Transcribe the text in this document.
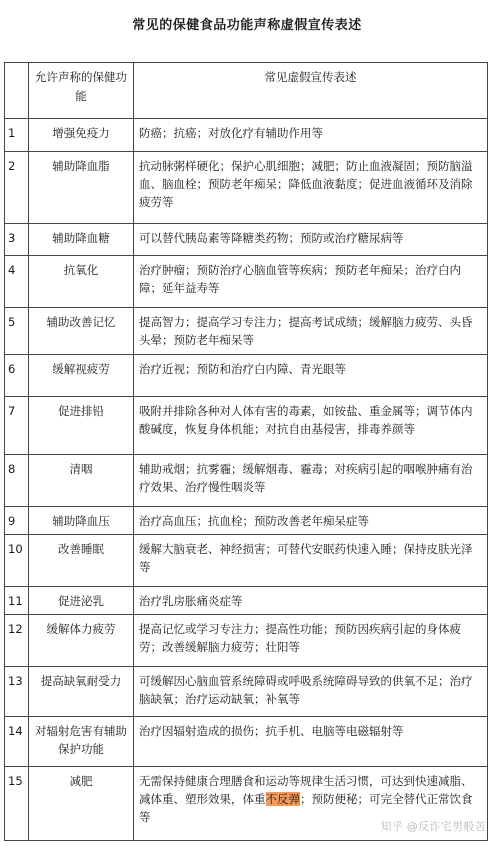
常见的保健食品功能声称虚假宣传表述
	允许声称的保健功能	常见虚假宣传表述
1	增强免疫力	防癌；抗癌；对放化疗有辅助作用等
2	辅助降血脂	抗动脉粥样硬化；保护心肌细胞；减肥；防止血液凝固；预防脑溢血、脑血栓；预防老年痴呆；降低血液黏度；促进血液循环及消除疲劳等
3	辅助降血糖	可以替代胰岛素等降糖类药物；预防或治疗糖尿病等
4	抗氧化	治疗肿瘤；预防治疗心脑血管等疾病；预防老年痴呆；治疗白内障；延年益寿等
5	辅助改善记忆	提高智力；提高学习专注力；提高考试成绩；缓解脑力疲劳、头昏头晕；预防老年痴呆等
6	缓解视疲劳	治疗近视；预防和治疗白内障、青光眼等
7	促进排铅	吸附并排除各种对人体有害的毒素，如铵盐、重金属等；调节体内酸碱度，恢复身体机能；对抗自由基侵害，排毒养颜等
8	清咽	辅助戒烟；抗雾霾；缓解烟毒、霾毒；对疾病引起的咽喉肿痛有治疗效果、治疗慢性咽炎等
9	辅助降血压	治疗高血压；抗血栓；预防改善老年痴呆症等
10	改善睡眠	缓解大脑衰老、神经损害；可替代安眠药快速入睡；保持皮肤光泽等
11	促进泌乳	治疗乳房胀痛炎症等
12	缓解体力疲劳	提高记忆或学习专注力；提高性功能；预防因疾病引起的身体疲劳；改善缓解脑力疲劳；壮阳等
13	提高缺氧耐受力	可缓解因心脑血管系统障碍或呼吸系统障碍导致的供氧不足；治疗脑缺氧；治疗运动缺氧；补氧等
14	对辐射危害有辅助保护功能	治疗因辐射造成的损伤；抗手机、电脑等电磁辐射等
15	减肥	无需保持健康合理膳食和运动等规律生活习惯，可达到快速减脂、减体重、塑形效果，体重不反弹；预防便秘；可完全替代正常饮食等
知乎 @反诈宅男般苦
